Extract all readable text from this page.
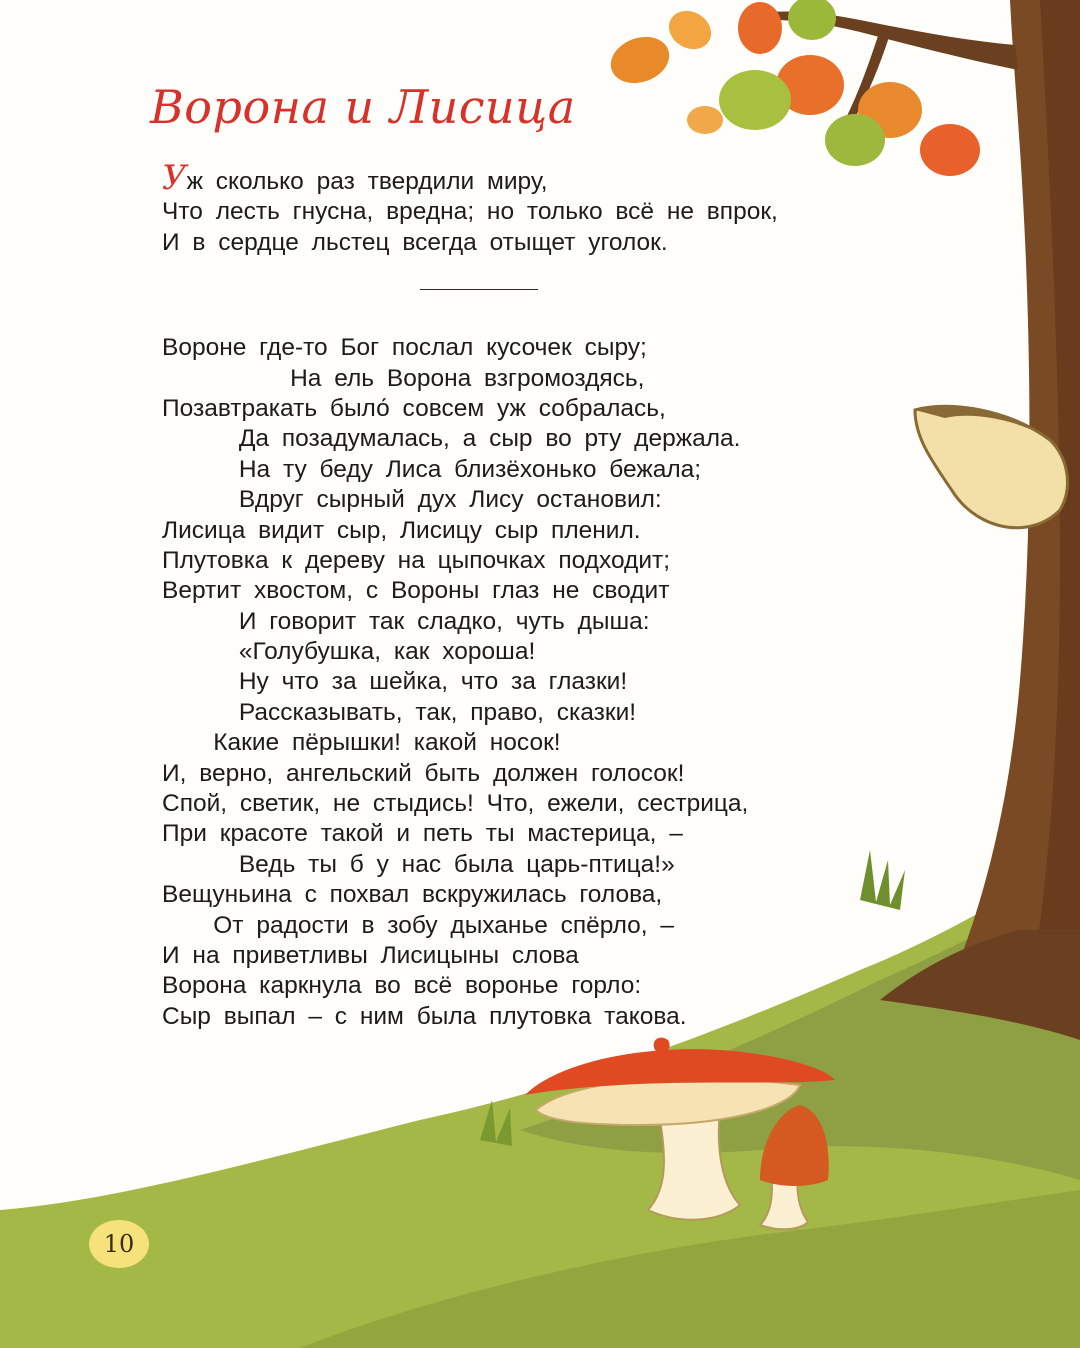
Ворона и Лисица
Уж сколько раз твердили миру,
Что лесть гнусна, вредна; но только всё не впрок,
И в сердце льстец всегда отыщет уголок.
Вороне где-то Бог послал кусочек сыру;
На ель Ворона взгромоздясь,
Позавтракать было́ совсем уж собралась,
Да позадумалась, а сыр во рту держала.
На ту беду Лиса близёхонько бежала;
Вдруг сырный дух Лису остановил:
Лисица видит сыр, Лисицу сыр пленил.
Плутовка к дереву на цыпочках подходит;
Вертит хвостом, с Вороны глаз не сводит
И говорит так сладко, чуть дыша:
«Голубушка, как хороша!
Ну что за шейка, что за глазки!
Рассказывать, так, право, сказки!
Какие пёрышки! какой носок!
И, верно, ангельский быть должен голосок!
Спой, светик, не стыдись! Что, ежели, сестрица,
При красоте такой и петь ты мастерица, –
Ведь ты б у нас была царь-птица!»
Вещуньина с похвал вскружилась голова,
От радости в зобу дыханье спёрло, –
И на приветливы Лисицыны слова
Ворона каркнула во всё воронье горло:
Сыр выпал – с ним была плутовка такова.
10
